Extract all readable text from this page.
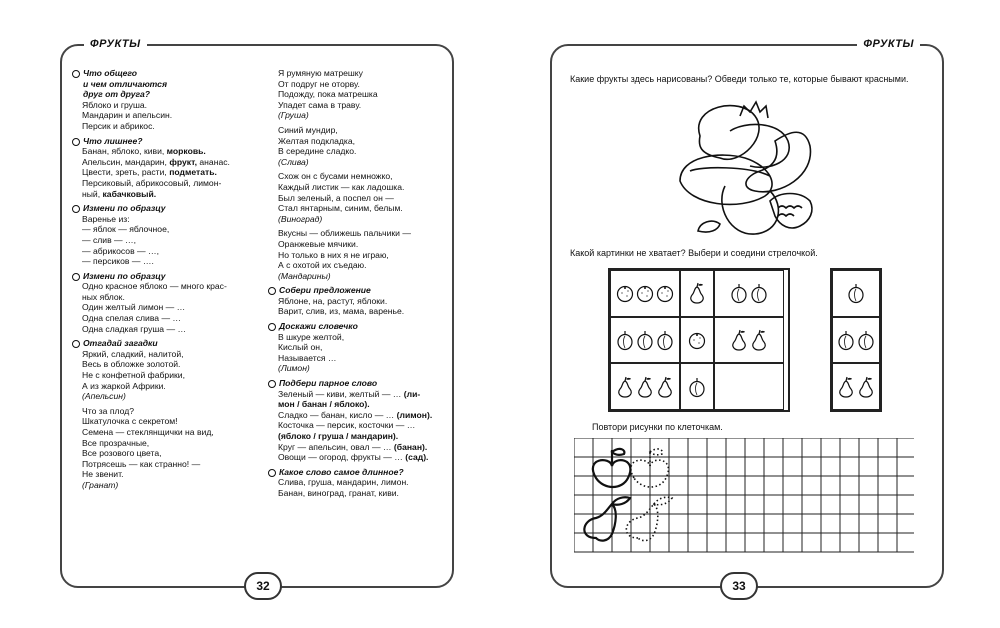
ФРУКТЫ
Что общего
и чем отличаются
друг от друга?
Яблоко и груша.
Мандарин и апельсин.
Персик и абрикос.
Что лишнее?
Банан, яблоко, киви, морковь.
Апельсин, мандарин, фрукт, ананас.
Цвести, зреть, расти, подметать.
Персиковый, абрикосовый, лимон-
ный, кабачковый.
Измени по образцу
Варенье из:
— яблок — яблочное,
— слив — …,
— абрикосов — …,
— персиков — ….
Измени по образцу
Одно красное яблоко — много крас-
ных яблок.
Один желтый лимон — …
Одна спелая слива — …
Одна сладкая груша — …
Отгадай загадки
Яркий, сладкий, налитой,
Весь в обложке золотой.
Не с конфетной фабрики,
А из жаркой Африки.
(Апельсин)
Что за плод?
Шкатулочка с секретом!
Семена — стеклянщички на вид,
Все прозрачные,
Все розового цвета,
Потрясешь — как странно! —
Не звенит.
(Гранат)
Я румяную матрешку
От подруг не оторву.
Подожду, пока матрешка
Упадет сама в траву.
(Груша)
Синий мундир,
Желтая подкладка,
В середине сладко.
(Слива)
Схож он с бусами немножко,
Каждый листик — как ладошка.
Был зеленый, а поспел он —
Стал янтарным, синим, белым.
(Виноград)
Вкусны — оближешь пальчики —
Оранжевые мячики.
Но только в них я не играю,
А с охотой их съедаю.
(Мандарины)
Собери предложение
Яблоне, на, растут, яблоки.
Варит, слив, из, мама, варенье.
Доскажи словечко
В шкуре желтой,
Кислый он,
Называется …
(Лимон)
Подбери парное слово
Зеленый — киви, желтый — … (ли-
мон / банан / яблоко).
Сладко — банан, кисло — … (лимон).
Косточка — персик, косточки — …
(яблоко / груша / мандарин).
Круг — апельсин, овал — … (банан).
Овощи — огород, фрукты — … (сад).
Какое слово самое длинное?
Слива, груша, мандарин, лимон.
Банан, виноград, гранат, киви.
32
ФРУКТЫ
Какие фрукты здесь нарисованы? Обведи только те, которые бывают красными.
Какой картинки не хватает? Выбери и соедини стрелочкой.
Повтори рисунки по клеточкам.
33
